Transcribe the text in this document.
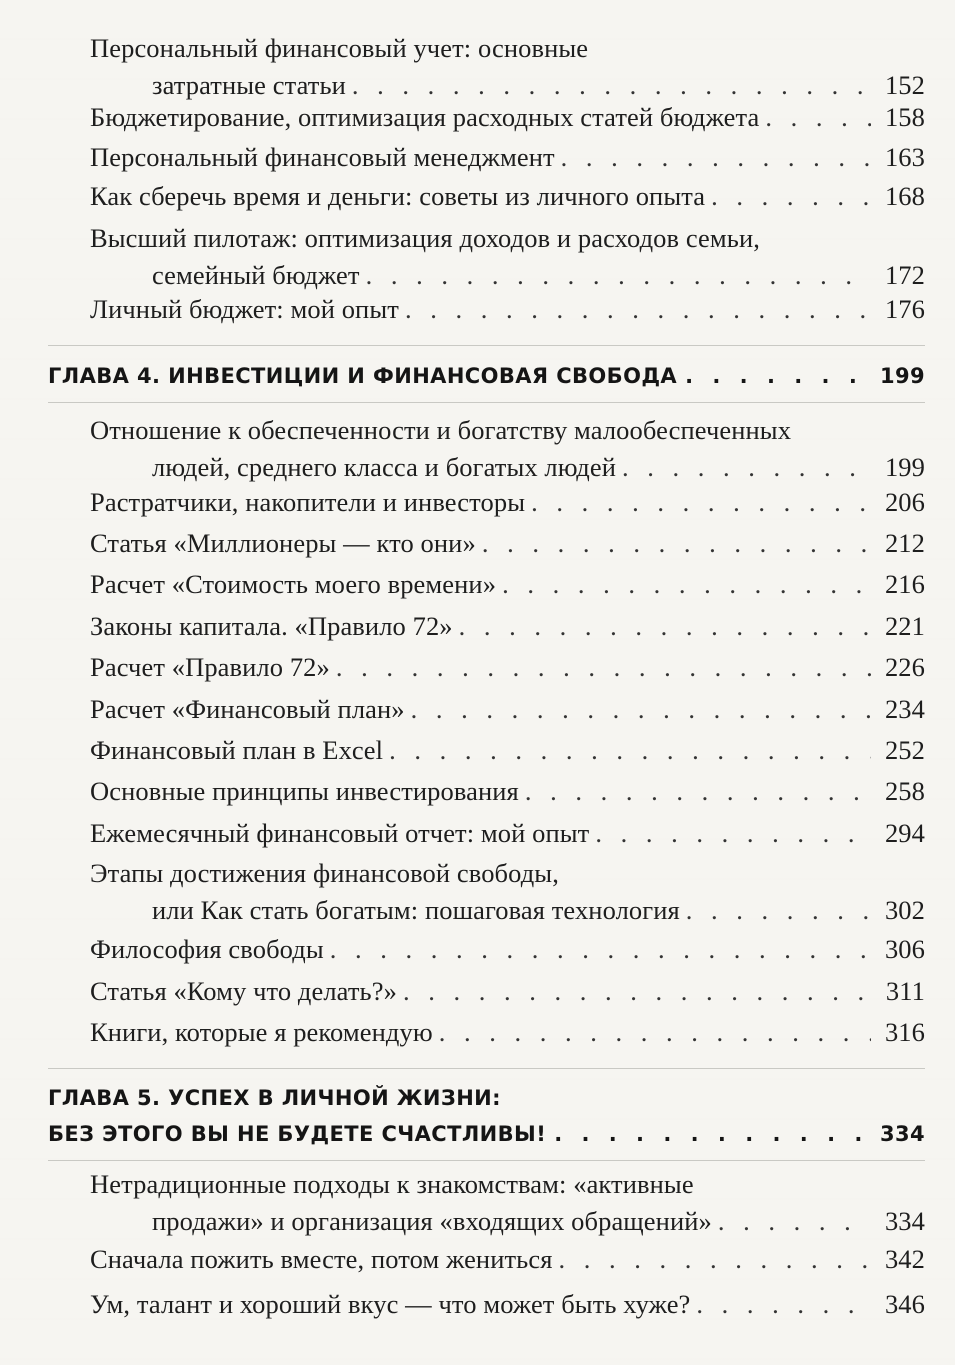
Персональный финансовый учет: основные
затратные статьи . . .	152
Бюджетирование, оптимизация расходных статей бюджета . . .	158
Персональный финансовый менеджмент . . .	163
Как сберечь время и деньги: советы из личного опыта . . .	168
Высший пилотаж: оптимизация доходов и расходов семьи,
семейный бюджет . . .	172
Личный бюджет: мой опыт . . .	176
ГЛАВА 4. ИНВЕСТИЦИИ И ФИНАНСОВАЯ СВОБОДА . . .	199
Отношение к обеспеченности и богатству малообеспеченных
людей, среднего класса и богатых людей . . .	199
Растратчики, накопители и инвесторы . . .	206
Статья «Миллионеры — кто они» . . .	212
Расчет «Стоимость моего времени» . . .	216
Законы капитала. «Правило 72» . . .	221
Расчет «Правило 72» . . .	226
Расчет «Финансовый план» . . .	234
Финансовый план в Excel . . .	252
Основные принципы инвестирования . . .	258
Ежемесячный финансовый отчет: мой опыт . . .	294
Этапы достижения финансовой свободы,
или Как стать богатым: пошаговая технология . . .	302
Философия свободы . . .	306
Статья «Кому что делать?» . . .	311
Книги, которые я рекомендую . . .	316
ГЛАВА 5. УСПЕХ В ЛИЧНОЙ ЖИЗНИ:
БЕЗ ЭТОГО ВЫ НЕ БУДЕТЕ СЧАСТЛИВЫ! . . .	334
Нетрадиционные подходы к знакомствам: «активные
продажи» и организация «входящих обращений» . . .	334
Сначала пожить вместе, потом жениться . . .	342
Ум, талант и хороший вкус — что может быть хуже? . . .	346
